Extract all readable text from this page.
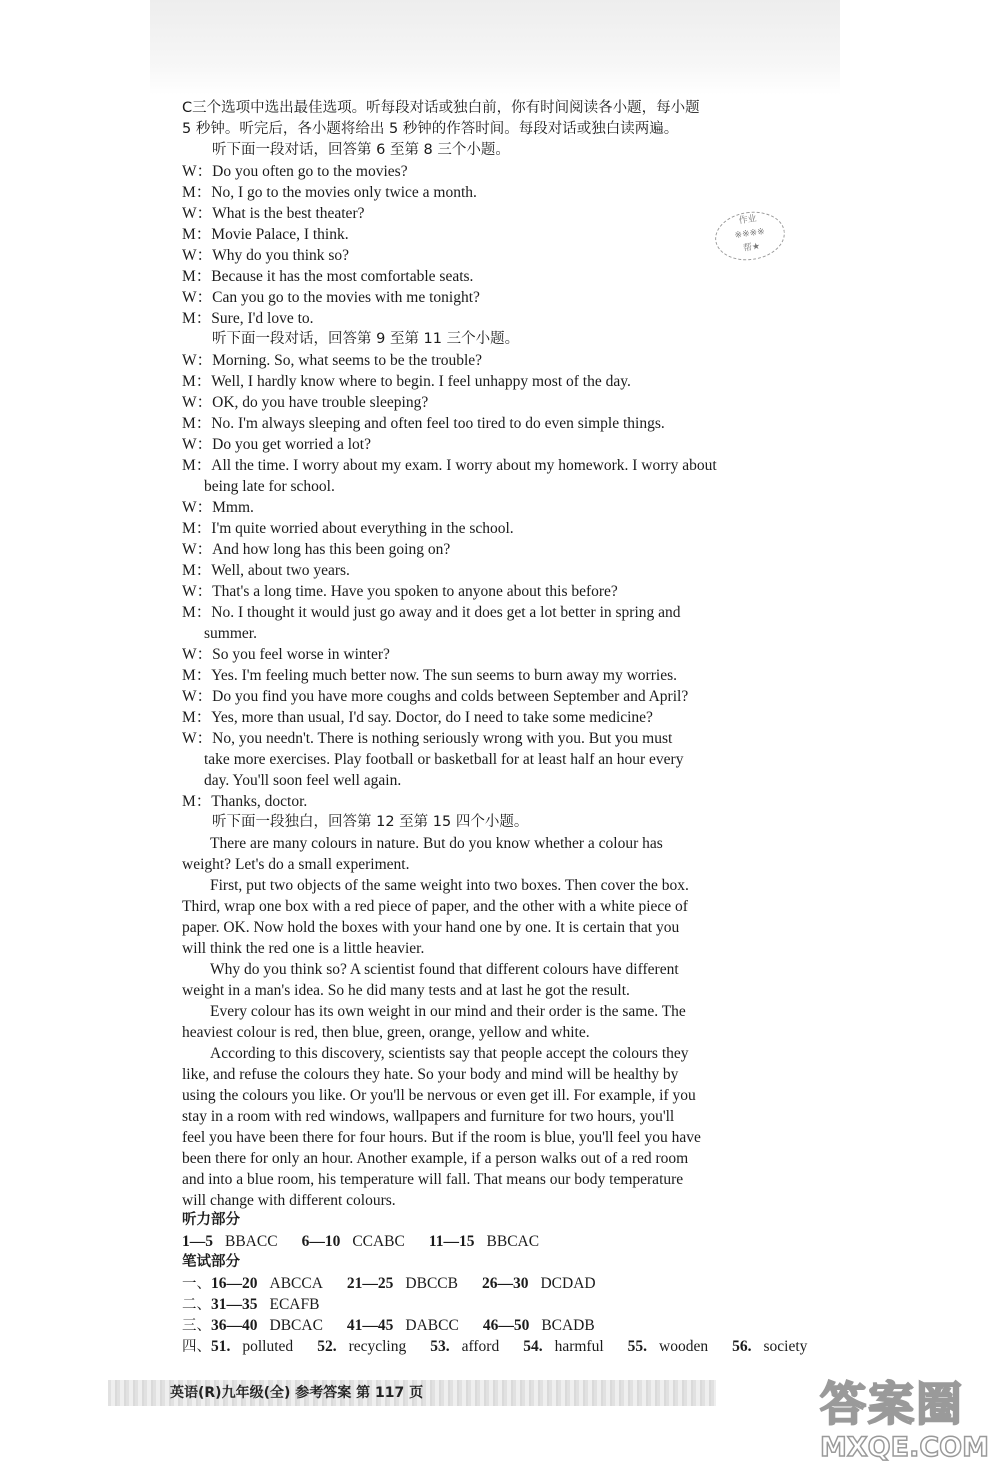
C三个选项中选出最佳选项。听每段对话或独白前，你有时间阅读各小题，每小题
5 秒钟。听完后，各小题将给出 5 秒钟的作答时间。每段对话或独白读两遍。
听下面一段对话，回答第 6 至第 8 三个小题。
W：Do you often go to the movies?
M：No, I go to the movies only twice a month.
W：What is the best theater?
M：Movie Palace, I think.
W：Why do you think so?
M：Because it has the most comfortable seats.
W：Can you go to the movies with me tonight?
M：Sure, I'd love to.
听下面一段对话，回答第 9 至第 11 三个小题。
W：Morning. So, what seems to be the trouble?
M：Well, I hardly know where to begin. I feel unhappy most of the day.
W：OK, do you have trouble sleeping?
M：No. I'm always sleeping and often feel too tired to do even simple things.
W：Do you get worried a lot?
M：All the time. I worry about my exam. I worry about my homework. I worry about
being late for school.
W：Mmm.
M：I'm quite worried about everything in the school.
W：And how long has this been going on?
M：Well, about two years.
W：That's a long time. Have you spoken to anyone about this before?
M：No. I thought it would just go away and it does get a lot better in spring and
summer.
W：So you feel worse in winter?
M：Yes. I'm feeling much better now. The sun seems to burn away my worries.
W：Do you find you have more coughs and colds between September and April?
M：Yes, more than usual, I'd say. Doctor, do I need to take some medicine?
W：No, you needn't. There is nothing seriously wrong with you. But you must
take more exercises. Play football or basketball for at least half an hour every
day. You'll soon feel well again.
M：Thanks, doctor.
听下面一段独白，回答第 12 至第 15 四个小题。
There are many colours in nature. But do you know whether a colour has
weight? Let's do a small experiment.
First, put two objects of the same weight into two boxes. Then cover the box.
Third, wrap one box with a red piece of paper, and the other with a white piece of
paper. OK. Now hold the boxes with your hand one by one. It is certain that you
will think the red one is a little heavier.
Why do you think so? A scientist found that different colours have different
weight in a man's idea. So he did many tests and at last he got the result.
Every colour has its own weight in our mind and their order is the same. The
heaviest colour is red, then blue, green, orange, yellow and white.
According to this discovery, scientists say that people accept the colours they
like, and refuse the colours they hate. So your body and mind will be healthy by
using the colours you like. Or you'll be nervous or even get ill. For example, if you
stay in a room with red windows, wallpapers and furniture for two hours, you'll
feel you have been there for four hours. But if the room is blue, you'll feel you have
been there for only an hour. Another example, if a person walks out of a red room
and into a blue room, his temperature will fall. That means our body temperature
will change with different colours.
作业
※※※※
帮★
听力部分
1—5 BBACC 6—10 CCABC 11—15 BBCAC
笔试部分
一、16—20 ABCCA 21—25 DBCCB 26—30 DCDAD
二、31—35 ECAFB
三、36—40 DBCAC 41—45 DABCC 46—50 BCADB
四、51. polluted 52. recycling 53. afford 54. harmful 55. wooden 56. society
英语(R)九年级(全) 参考答案 第 117 页	答案圈
MXQE.COM
